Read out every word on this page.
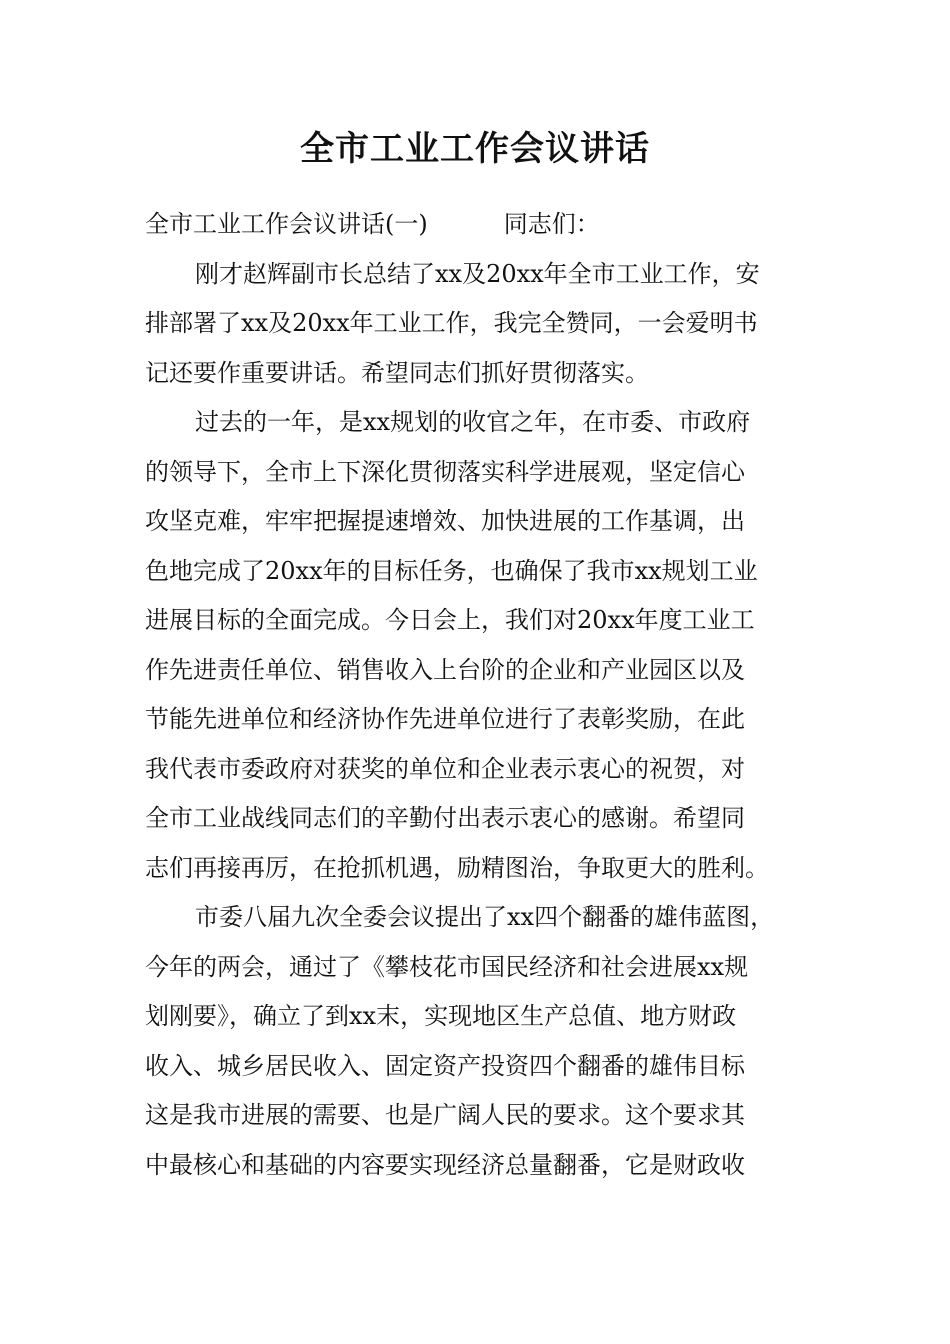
全市工业工作会议讲话
全市工业工作会议讲话(一)	同志们：
刚才赵辉副市长总结了xx及20xx年全市工业工作，安
排部署了xx及20xx年工业工作，我完全赞同，一会爱明书
记还要作重要讲话。希望同志们抓好贯彻落实。
过去的一年，是xx规划的收官之年，在市委、市政府
的领导下，全市上下深化贯彻落实科学进展观，坚定信心
攻坚克难，牢牢把握提速增效、加快进展的工作基调，出
色地完成了20xx年的目标任务，也确保了我市xx规划工业
进展目标的全面完成。今日会上，我们对20xx年度工业工
作先进责任单位、销售收入上台阶的企业和产业园区以及
节能先进单位和经济协作先进单位进行了表彰奖励，在此
我代表市委政府对获奖的单位和企业表示衷心的祝贺，对
全市工业战线同志们的辛勤付出表示衷心的感谢。希望同
志们再接再厉，在抢抓机遇，励精图治，争取更大的胜利。
市委八届九次全委会议提出了xx四个翻番的雄伟蓝图，
今年的两会，通过了《攀枝花市国民经济和社会进展xx规
划刚要》，确立了到xx末，实现地区生产总值、地方财政
收入、城乡居民收入、固定资产投资四个翻番的雄伟目标
这是我市进展的需要、也是广阔人民的要求。这个要求其
中最核心和基础的内容要实现经济总量翻番，它是财政收
